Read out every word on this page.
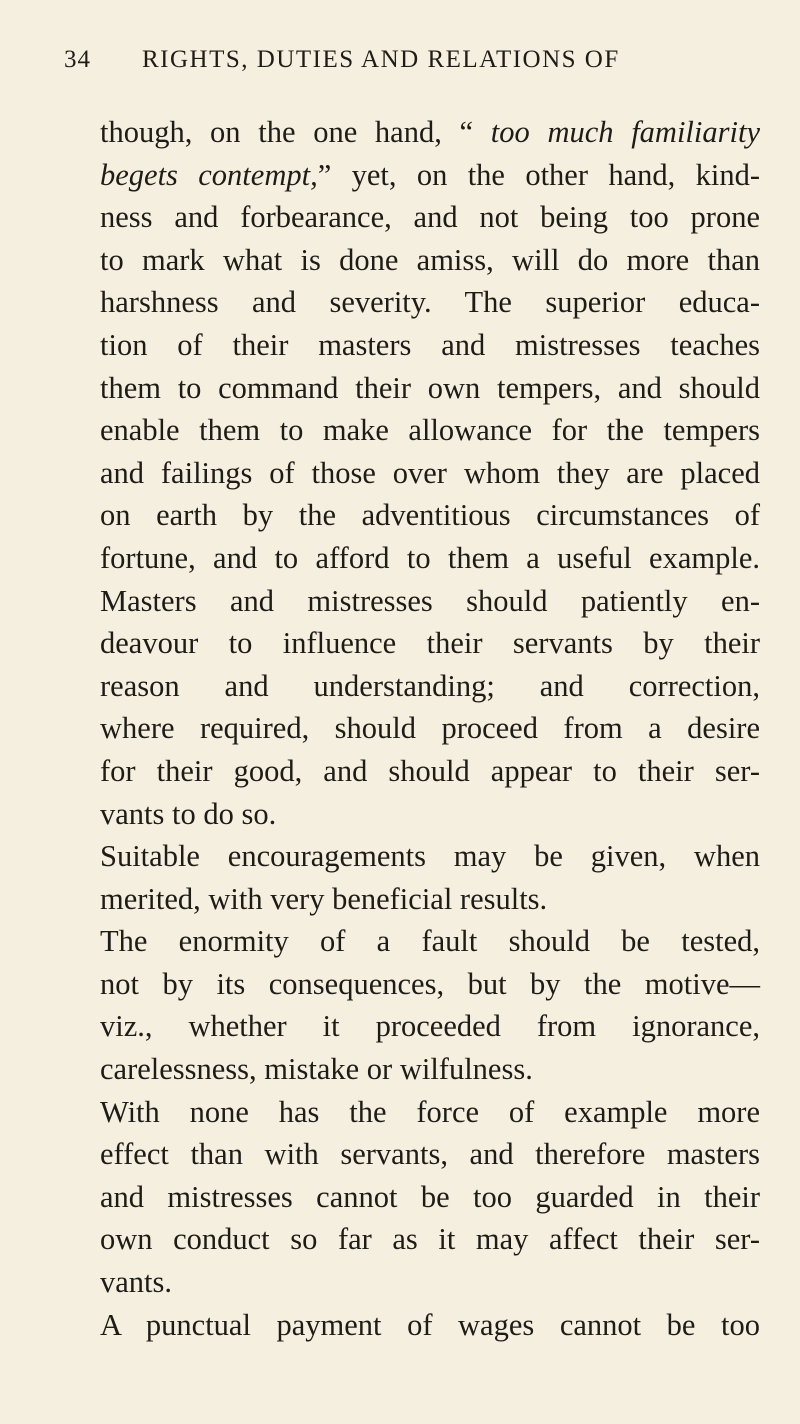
34 RIGHTS, DUTIES AND RELATIONS OF
though, on the one hand, “ too much familiarity
begets contempt,” yet, on the other hand, kind-
ness and forbearance, and not being too prone
to mark what is done amiss, will do more than
harshness and severity. The superior educa-
tion of their masters and mistresses teaches
them to command their own tempers, and should
enable them to make allowance for the tempers
and failings of those over whom they are placed
on earth by the adventitious circumstances of
fortune, and to afford to them a useful example.
Masters and mistresses should patiently en-
deavour to influence their servants by their
reason and understanding; and correction,
where required, should proceed from a desire
for their good, and should appear to their ser-
vants to do so.
Suitable encouragements may be given, when
merited, with very beneficial results.
The enormity of a fault should be tested,
not by its consequences, but by the motive—
viz., whether it proceeded from ignorance,
carelessness, mistake or wilfulness.
With none has the force of example more
effect than with servants, and therefore masters
and mistresses cannot be too guarded in their
own conduct so far as it may affect their ser-
vants.
A punctual payment of wages cannot be too
